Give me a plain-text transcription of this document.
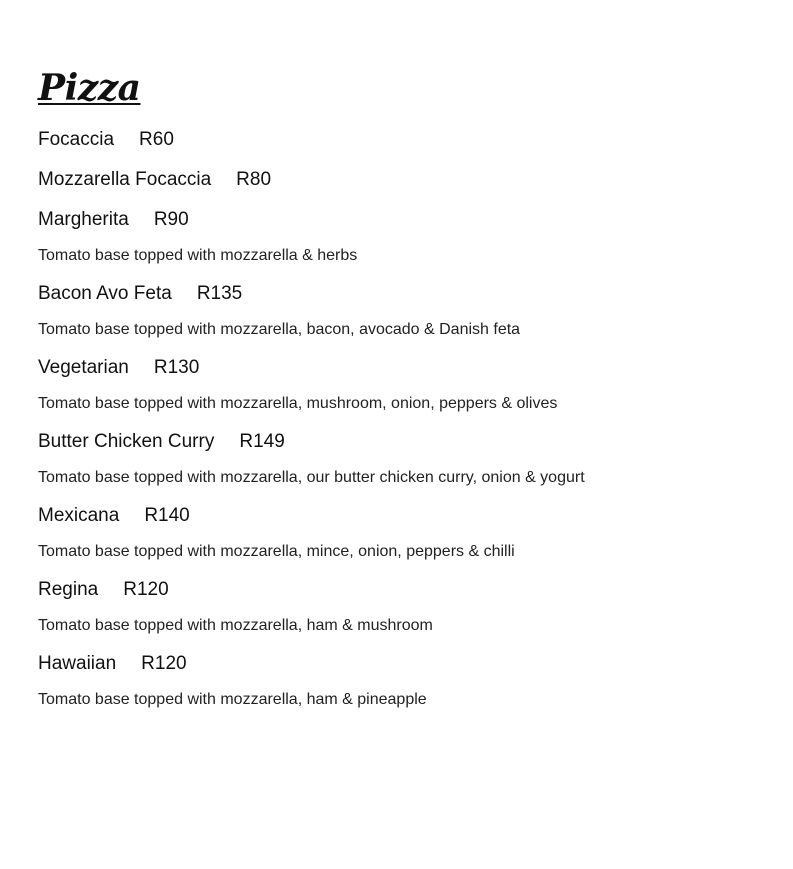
Pizza
Focaccia R60
Mozzarella Focaccia R80
Margherita R90
Tomato base topped with mozzarella & herbs
Bacon Avo Feta R135
Tomato base topped with mozzarella, bacon, avocado & Danish feta
Vegetarian R130
Tomato base topped with mozzarella, mushroom, onion, peppers & olives
Butter Chicken Curry R149
Tomato base topped with mozzarella, our butter chicken curry, onion & yogurt
Mexicana R140
Tomato base topped with mozzarella, mince, onion, peppers & chilli
Regina R120
Tomato base topped with mozzarella, ham & mushroom
Hawaiian R120
Tomato base topped with mozzarella, ham & pineapple
